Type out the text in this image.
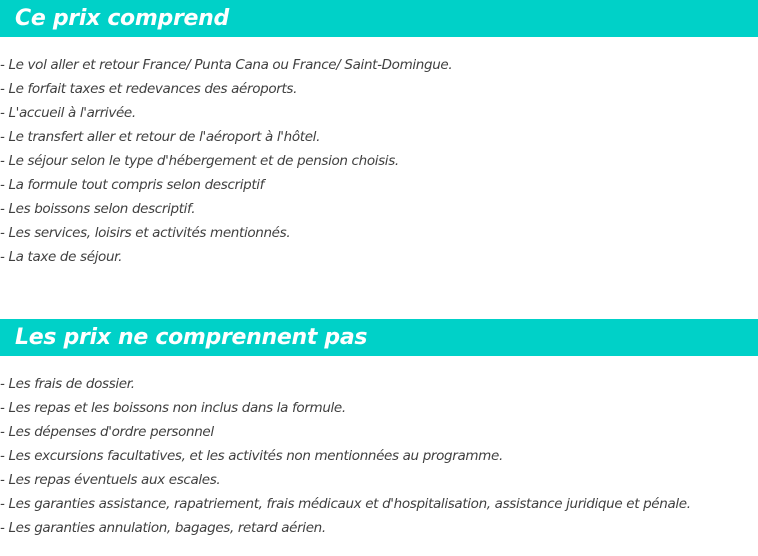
Ce prix comprend
- Le vol aller et retour France/ Punta Cana ou France/ Saint-Domingue.
- Le forfait taxes et redevances des aéroports.
- L'accueil à l'arrivée.
- Le transfert aller et retour de l'aéroport à l'hôtel.
- Le séjour selon le type d'hébergement et de pension choisis.
- La formule tout compris selon descriptif
- Les boissons selon descriptif.
- Les services, loisirs et activités mentionnés.
- La taxe de séjour.
Les prix ne comprennent pas
- Les frais de dossier.
- Les repas et les boissons non inclus dans la formule.
- Les dépenses d'ordre personnel
- Les excursions facultatives, et les activités non mentionnées au programme.
- Les repas éventuels aux escales.
- Les garanties assistance, rapatriement, frais médicaux et d'hospitalisation, assistance juridique et pénale.
- Les garanties annulation, bagages, retard aérien.
